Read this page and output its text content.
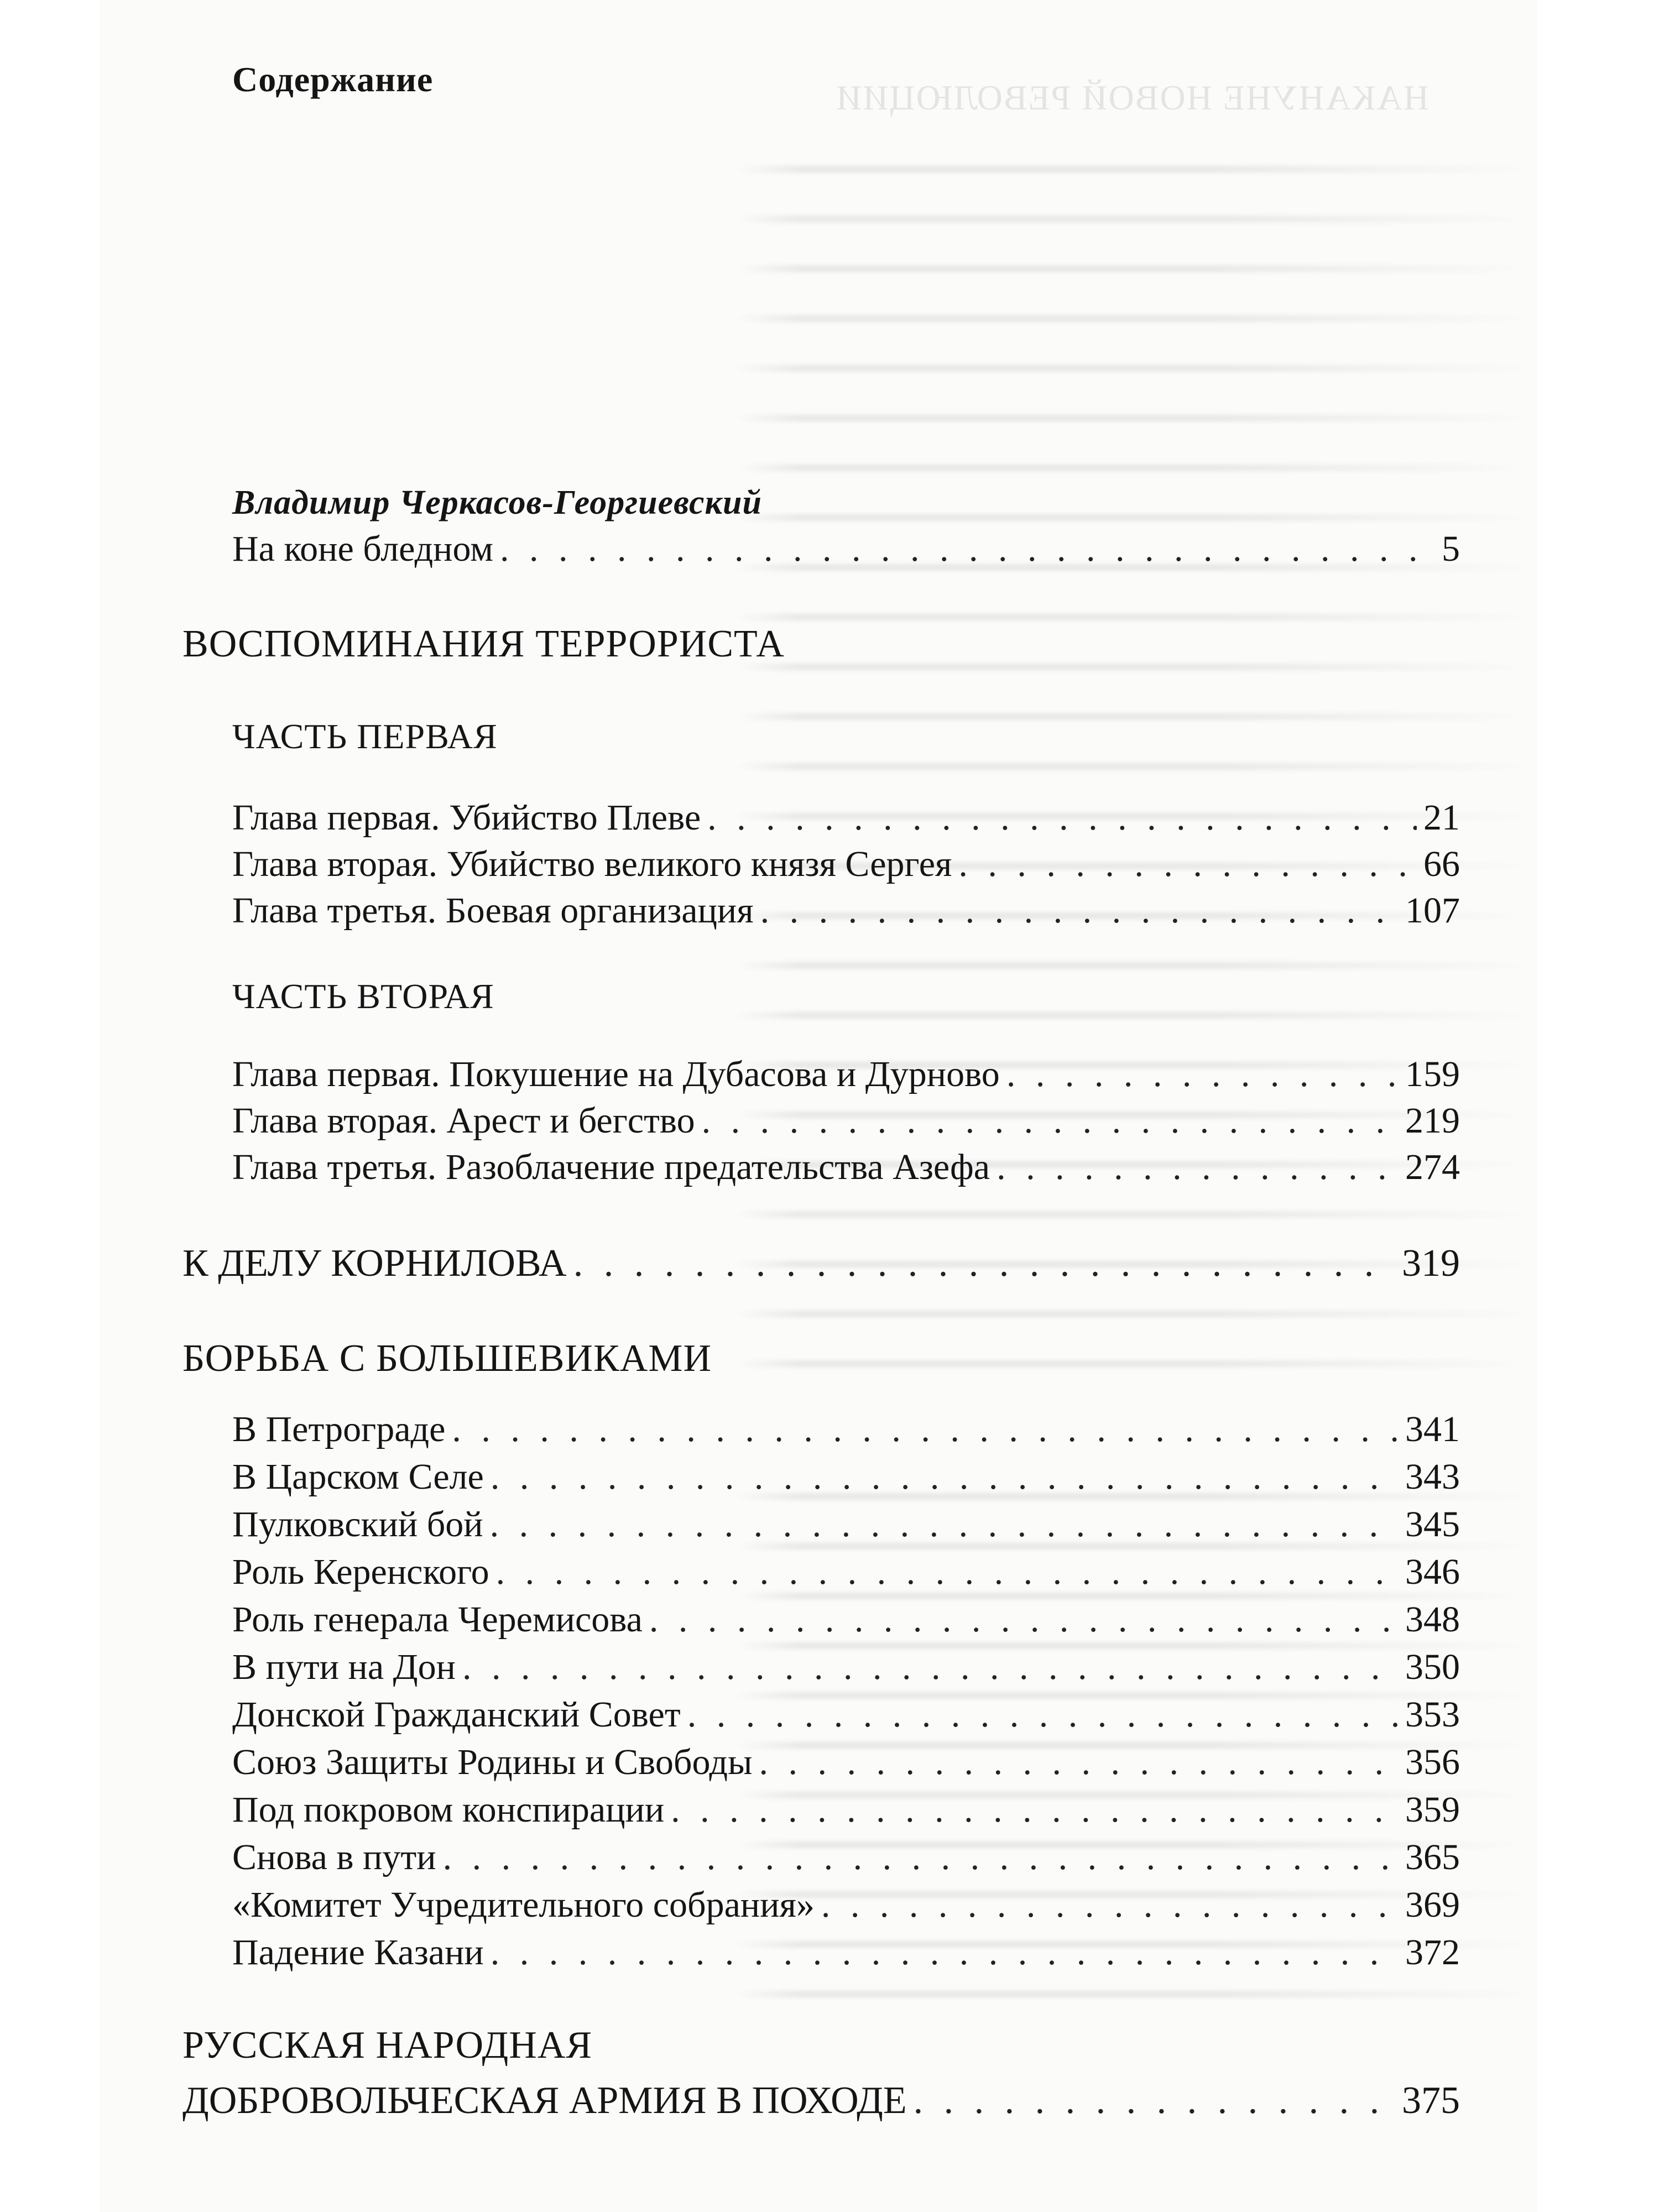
НАКАНУНЕ НОВОЙ РЕВОЛЮЦИИ
Содержание
Владимир Черкасов-Георгиевский
На коне бледном . . .	5
ВОСПОМИНАНИЯ ТЕРРОРИСТА
ЧАСТЬ ПЕРВАЯ
Глава первая. Убийство Плеве . . .	21
Глава вторая. Убийство великого князя Сергея . . .	66
Глава третья. Боевая организация . . .	107
ЧАСТЬ ВТОРАЯ
Глава первая. Покушение на Дубасова и Дурново . . .	159
Глава вторая. Арест и бегство . . .	219
Глава третья. Разоблачение предательства Азефа . . .	274
К ДЕЛУ КОРНИЛОВА . . .	319
БОРЬБА С БОЛЬШЕВИКАМИ
В Петрограде . . .	341
В Царском Селе . . .	343
Пулковский бой . . .	345
Роль Керенского . . .	346
Роль генерала Черемисова . . .	348
В пути на Дон . . .	350
Донской Гражданский Совет . . .	353
Союз Защиты Родины и Свободы . . .	356
Под покровом конспирации . . .	359
Снова в пути . . .	365
«Комитет Учредительного собрания» . . .	369
Падение Казани . . .	372
РУССКАЯ НАРОДНАЯ
ДОБРОВОЛЬЧЕСКАЯ АРМИЯ В ПОХОДЕ . . .	375
